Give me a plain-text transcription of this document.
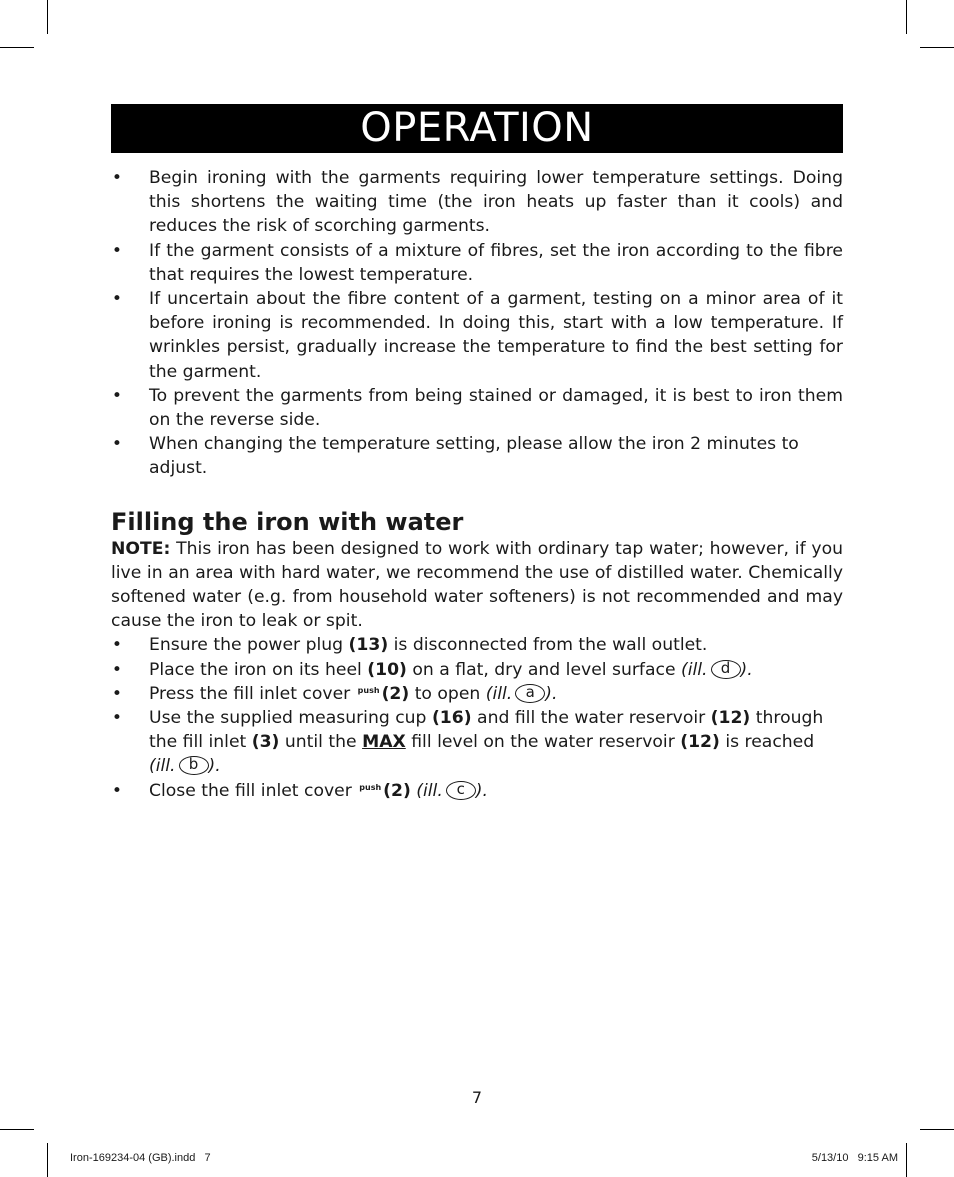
OPERATION
• Begin ironing with the garments requiring lower temperature settings. Doing this shortens the waiting time (the iron heats up faster than it cools) and reduces the risk of scorching garments.
• If the garment consists of a mixture of fibres, set the iron according to the fibre that requires the lowest temperature.
• If uncertain about the fibre content of a garment, testing on a minor area of it before ironing is recommended. In doing this, start with a low temperature. If wrinkles persist, gradually increase the temperature to find the best setting for the garment.
• To prevent the garments from being stained or damaged, it is best to iron them on the reverse side.
• When changing the temperature setting, please allow the iron 2 minutes to adjust.
Filling the iron with water

NOTE: This iron has been designed to work with ordinary tap water; however, if you live in an area with hard water, we recommend the use of distilled water. Chemically softened water (e.g. from household water softeners) is not recommended and may cause the iron to leak or spit.

• Ensure the power plug (13) is disconnected from the wall outlet.
• Place the iron on its heel (10) on a flat, dry and level surface (ill. d ).
• Press the fill inlet cover push (2) to open (ill. a ).
• Use the supplied measuring cup (16) and fill the water reservoir (12) through the fill inlet (3) until the MAX fill level on the water reservoir (12) is reached (ill. b ).
• Close the fill inlet cover push (2) (ill. c ).
7
Iron-169234-04 (GB).indd   7	5/13/10   9:15 AM
